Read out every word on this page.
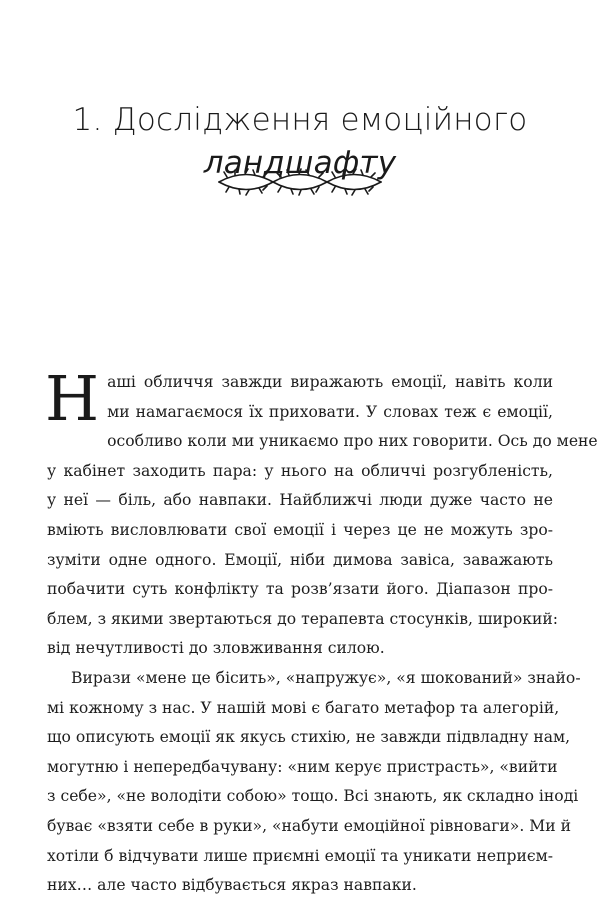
1. Дослідження емоційного
ландшафту
Н аші обличчя завжди виражають емоції, навіть коли
ми намагаємося їх приховати. У словах теж є емоції,
особливо коли ми уникаємо про них говорити. Ось до мене
у кабінет заходить пара: у нього на обличчі розгубленість,
у неї — біль, або навпаки. Найближчі люди дуже часто не
вміють висловлювати свої емоції і через це не можуть зро-
зуміти одне одного. Емоції, ніби димова завіса, заважають
побачити суть конфлікту та розв’язати його. Діапазон про-
блем, з якими звертаються до терапевта стосунків, широкий:
від нечутливості до зловживання силою.
Вирази «мене це бісить», «напружує», «я шокований» знайо-
мі кожному з нас. У нашій мові є багато метафор та алегорій,
що описують емоції як якусь стихію, не завжди підвладну нам,
могутню і непередбачувану: «ним керує пристрасть», «вийти
з себе», «не володіти собою» тощо. Всі знають, як складно іноді
буває «взяти себе в руки», «набути емоційної рівноваги». Ми й
хотіли б відчувати лише приємні емоції та уникати неприєм-
них… але часто відбувається якраз навпаки.
